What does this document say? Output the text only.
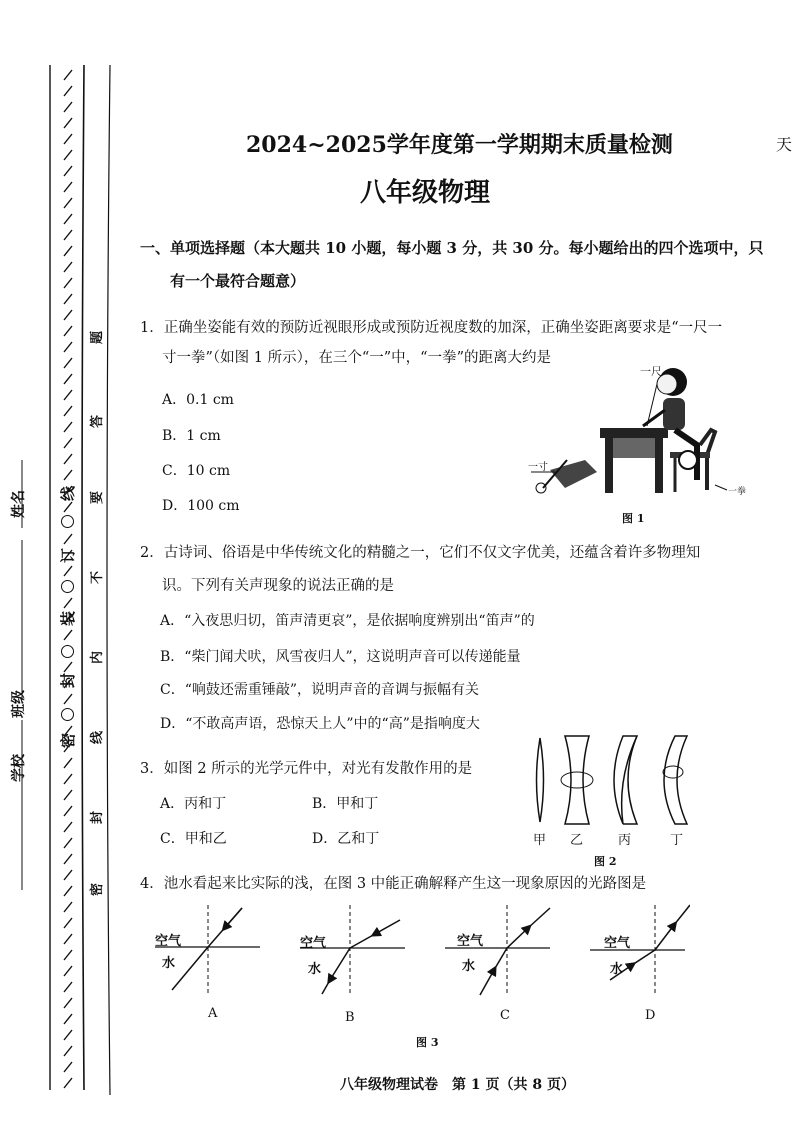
姓名
班级
学校
密
封
装
订
线
密
封
线
内
不
要
答
题
2024~2025学年度第一学期期末质量检测
八年级物理
天
一、单项选择题（本大题共 10 小题，每小题 3 分，共 30 分。每小题给出的四个选项中，只
有一个最符合题意）
1．正确坐姿能有效的预防近视眼形成或预防近视度数的加深，正确坐姿距离要求是“一尺一
寸一拳”（如图 1 所示），在三个“一”中，“一拳”的距离大约是
A．0.1 cm
B．1 cm
C．10 cm
D．100 cm
一尺
一寸
一拳
图 1
2．古诗词、俗语是中华传统文化的精髓之一，它们不仅文字优美，还蕴含着许多物理知
识。下列有关声现象的说法正确的是
A．“入夜思归切，笛声清更哀”，是依据响度辨别出“笛声”的
B．“柴门闻犬吠，风雪夜归人”，这说明声音可以传递能量
C．“响鼓还需重锤敲”，说明声音的音调与振幅有关
D．“不敢高声语，恐惊天上人”中的“高”是指响度大
3．如图 2 所示的光学元件中，对光有发散作用的是
A．丙和丁	B．甲和丁
C．甲和乙	D．乙和丁	甲 乙	丙	丁
图 2
4．池水看起来比实际的浅，在图 3 中能正确解释产生这一现象原因的光路图是
空气
水
空气
水
空气
水
空气
水
A	B	C	D
图 3
八年级物理试卷　第 1 页（共 8 页）
